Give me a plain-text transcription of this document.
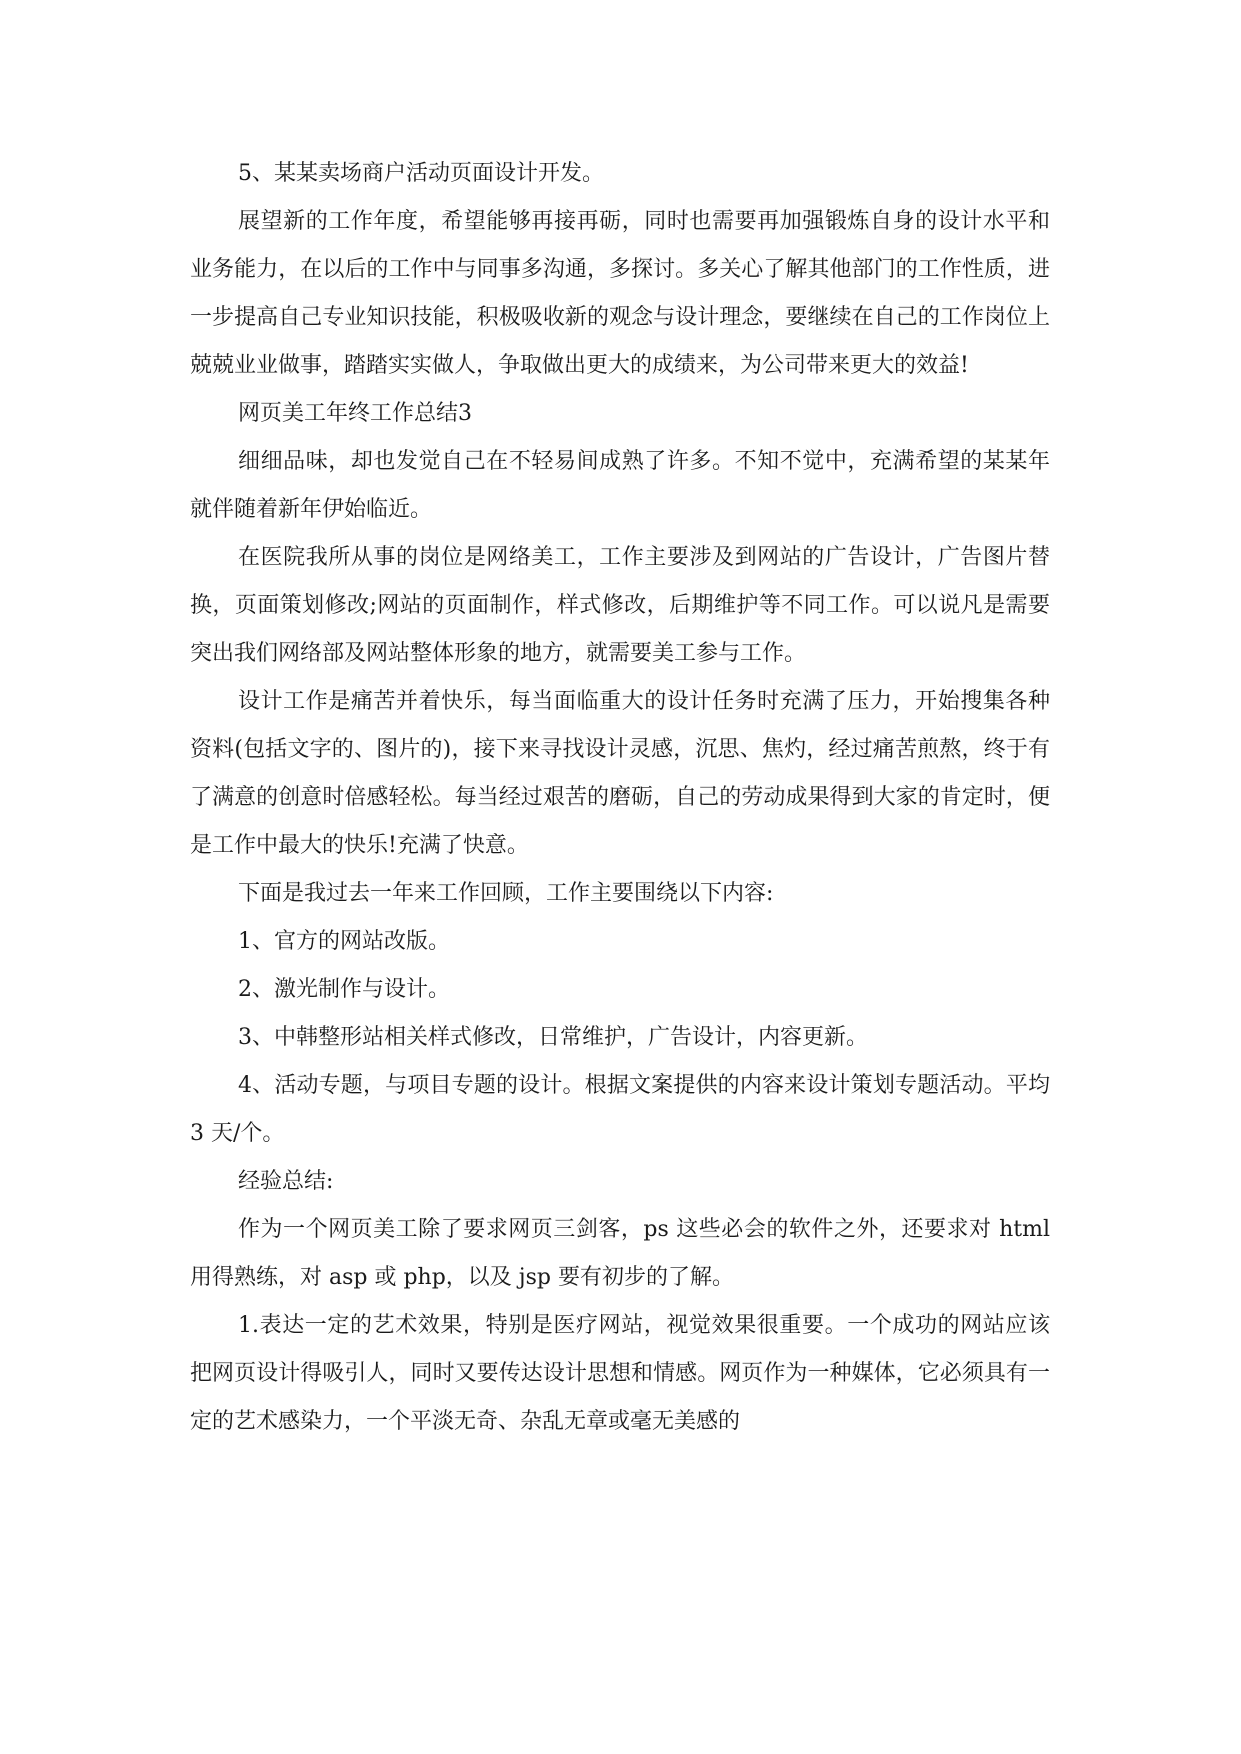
5、某某卖场商户活动页面设计开发。

展望新的工作年度，希望能够再接再砺，同时也需要再加强锻炼自身的设计水平和业务能力，在以后的工作中与同事多沟通，多探讨。多关心了解其他部门的工作性质，进一步提高自己专业知识技能，积极吸收新的观念与设计理念，要继续在自己的工作岗位上兢兢业业做事，踏踏实实做人，争取做出更大的成绩来，为公司带来更大的效益!

网页美工年终工作总结3

细细品味，却也发觉自己在不轻易间成熟了许多。不知不觉中，充满希望的某某年就伴随着新年伊始临近。

在医院我所从事的岗位是网络美工，工作主要涉及到网站的广告设计，广告图片替换，页面策划修改;网站的页面制作，样式修改，后期维护等不同工作。可以说凡是需要突出我们网络部及网站整体形象的地方，就需要美工参与工作。

设计工作是痛苦并着快乐，每当面临重大的设计任务时充满了压力，开始搜集各种资料(包括文字的、图片的)，接下来寻找设计灵感，沉思、焦灼，经过痛苦煎熬，终于有了满意的创意时倍感轻松。每当经过艰苦的磨砺，自己的劳动成果得到大家的肯定时，便是工作中最大的快乐!充满了快意。

下面是我过去一年来工作回顾，工作主要围绕以下内容:

1、官方的网站改版。

2、激光制作与设计。

3、中韩整形站相关样式修改，日常维护，广告设计，内容更新。

4、活动专题，与项目专题的设计。根据文案提供的内容来设计策划专题活动。平均 3 天/个。

经验总结:

作为一个网页美工除了要求网页三剑客，ps 这些必会的软件之外，还要求对 html 用得熟练，对 asp 或 php，以及 jsp 要有初步的了解。

1.表达一定的艺术效果，特别是医疗网站，视觉效果很重要。一个成功的网站应该把网页设计得吸引人，同时又要传达设计思想和情感。网页作为一种媒体，它必须具有一定的艺术感染力，一个平淡无奇、杂乱无章或毫无美感的
